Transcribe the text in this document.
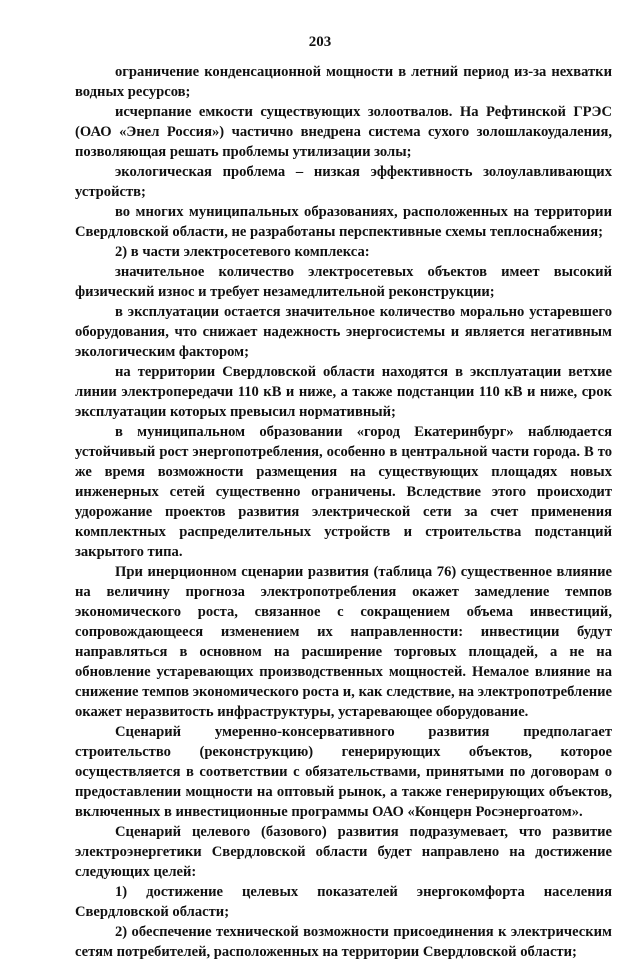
203

ограничение конденсационной мощности в летний период из-за нехватки водных ресурсов;

исчерпание емкости существующих золоотвалов. На Рефтинской ГРЭС (ОАО «Энел Россия») частично внедрена система сухого золошлакоудаления, позволяющая решать проблемы утилизации золы;

экологическая проблема – низкая эффективность золоулавливающих устройств;

во многих муниципальных образованиях, расположенных на территории Свердловской области, не разработаны перспективные схемы теплоснабжения;

2) в части электросетевого комплекса:

значительное количество электросетевых объектов имеет высокий физический износ и требует незамедлительной реконструкции;

в эксплуатации остается значительное количество морально устаревшего оборудования, что снижает надежность энергосистемы и является негативным экологическим фактором;

на территории Свердловской области находятся в эксплуатации ветхие линии электропередачи 110 кВ и ниже, а также подстанции 110 кВ и ниже, срок эксплуатации которых превысил нормативный;

в муниципальном образовании «город Екатеринбург» наблюдается устойчивый рост энергопотребления, особенно в центральной части города. В то же время возможности размещения на существующих площадях новых инженерных сетей существенно ограничены. Вследствие этого происходит удорожание проектов развития электрической сети за счет применения комплектных распределительных устройств и строительства подстанций закрытого типа.

При инерционном сценарии развития (таблица 76) существенное влияние на величину прогноза электропотребления окажет замедление темпов экономического роста, связанное с сокращением объема инвестиций, сопровождающееся изменением их направленности: инвестиции будут направляться в основном на расширение торговых площадей, а не на обновление устаревающих производственных мощностей. Немалое влияние на снижение темпов экономического роста и, как следствие, на электропотребление окажет неразвитость инфраструктуры, устаревающее оборудование.

Сценарий умеренно-консервативного развития предполагает строительство (реконструкцию) генерирующих объектов, которое осуществляется в соответствии с обязательствами, принятыми по договорам о предоставлении мощности на оптовый рынок, а также генерирующих объектов, включенных в инвестиционные программы ОАО «Концерн Росэнергоатом».

Сценарий целевого (базового) развития подразумевает, что развитие электроэнергетики Свердловской области будет направлено на достижение следующих целей:

1) достижение целевых показателей энергокомфорта населения Свердловской области;

2) обеспечение технической возможности присоединения к электрическим сетям потребителей, расположенных на территории Свердловской области;
